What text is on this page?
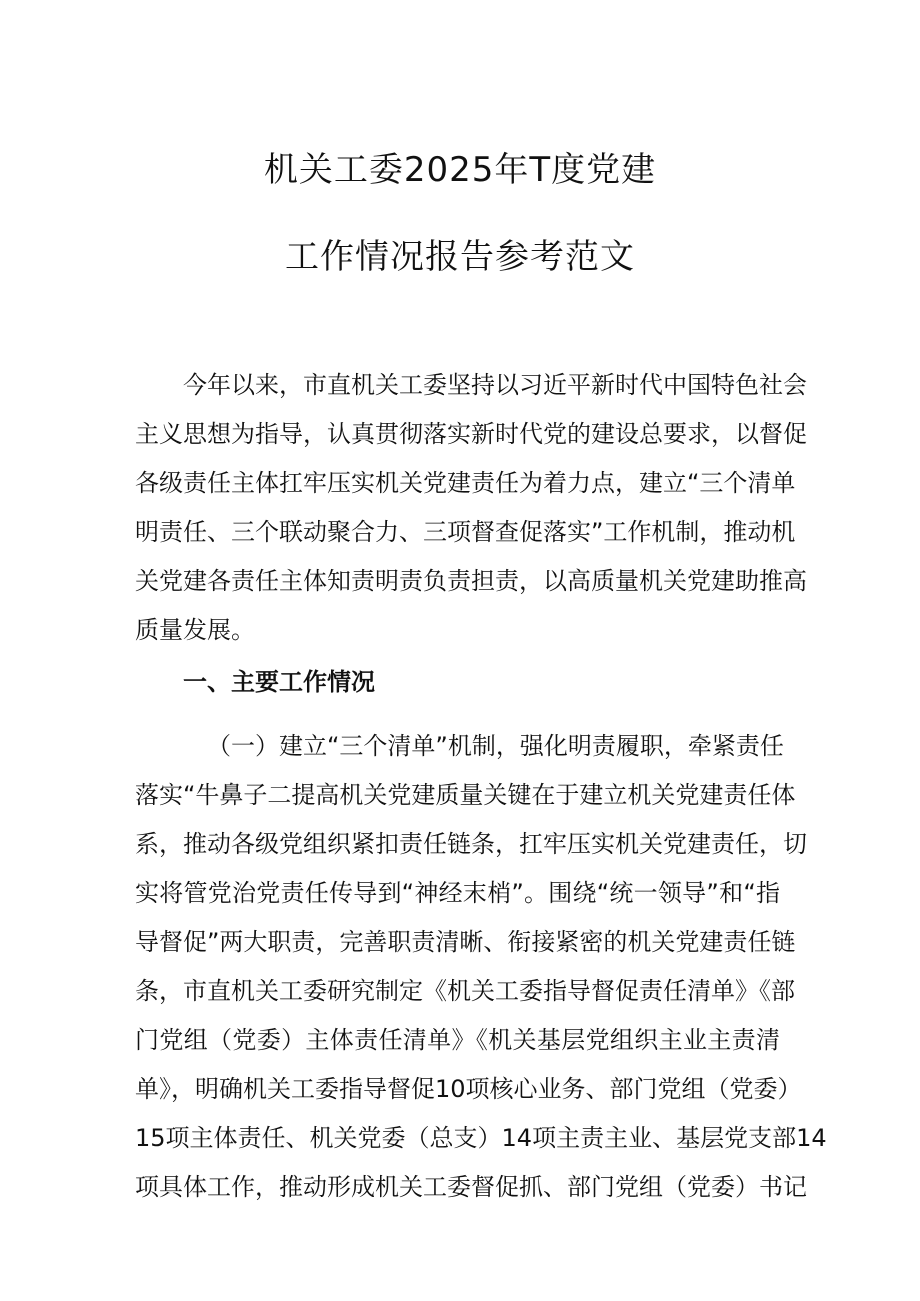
机关工委2025年T度党建
工作情况报告参考范文
今年以来，市直机关工委坚持以习近平新时代中国特色社会
主义思想为指导，认真贯彻落实新时代党的建设总要求，以督促
各级责任主体扛牢压实机关党建责任为着力点，建立“三个清单
明责任、三个联动聚合力、三项督查促落实”工作机制，推动机
关党建各责任主体知责明责负责担责，以高质量机关党建助推高
质量发展。
一、主要工作情况
（一）建立“三个清单”机制，强化明责履职，牵紧责任
落实“牛鼻子二提高机关党建质量关键在于建立机关党建责任体
系，推动各级党组织紧扣责任链条，扛牢压实机关党建责任，切
实将管党治党责任传导到“神经末梢”。围绕“统一领导”和“指
导督促”两大职责，完善职责清晰、衔接紧密的机关党建责任链
条，市直机关工委研究制定《机关工委指导督促责任清单》《部
门党组（党委）主体责任清单》《机关基层党组织主业主责清
单》，明确机关工委指导督促10项核心业务、部门党组（党委）
15项主体责任、机关党委（总支）14项主责主业、基层党支部14
项具体工作，推动形成机关工委督促抓、部门党组（党委）书记
